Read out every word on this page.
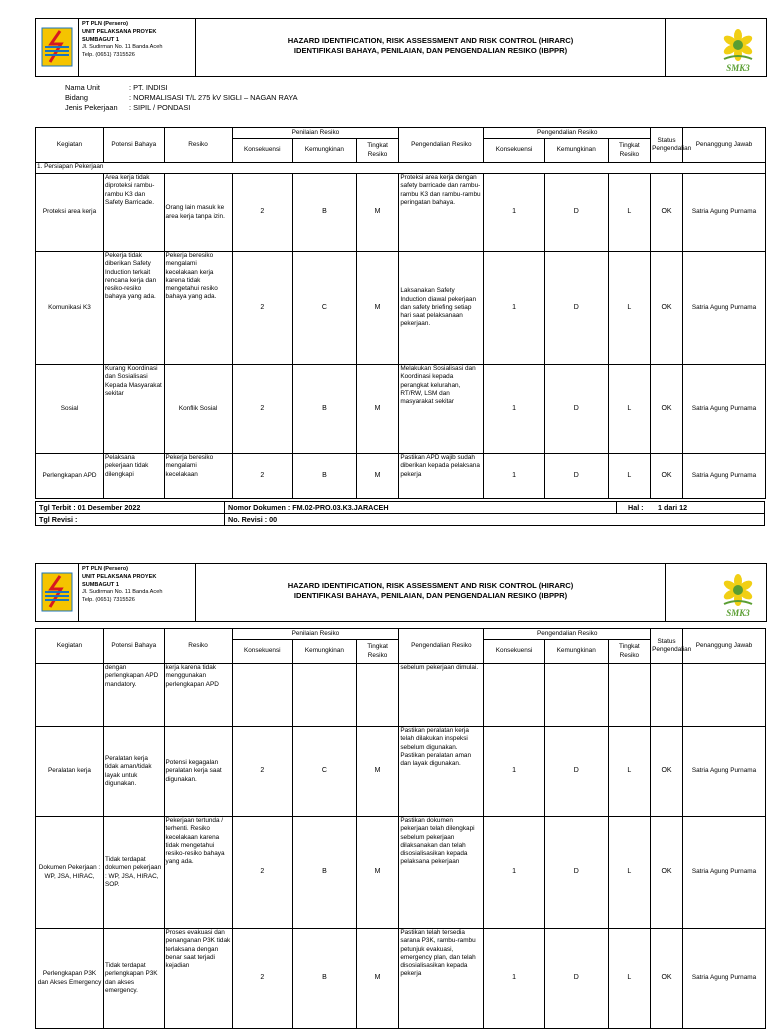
PT PLN (Persero)
UNIT PELAKSANA PROYEK
SUMBAGUT 1
Jl. Sudirman No. 11 Banda Aceh
Telp. (0651) 7315526
HAZARD IDENTIFICATION, RISK ASSESSMENT AND RISK CONTROL (HIRARC)
IDENTIFIKASI BAHAYA, PENILAIAN, DAN PENGENDALIAN RESIKO (IBPPR)
SMK3
Nama Unit	: PT. INDISI
Bidang	: NORMALISASI T/L 275 kV SIGLI – NAGAN RAYA
Jenis Pekerjaan	: SIPIL / PONDASI
Kegiatan	Potensi Bahaya	Resiko	Penilaian Resiko			Pengendalian Resiko	Pengendalian Resiko			Status Pengendalian	Penanggung Jawab
			Konsekuensi	Kemungkinan	Tingkat Resiko		Konsekuensi	Kemungkinan	Tingkat Resiko		
1. Persiapan Pekerjaan											
Proteksi area kerja	Area kerja tidak diproteksi rambu-rambu K3 dan Safety Barricade.	Orang lain masuk ke area kerja tanpa izin.	2	B	M	Proteksi area kerja dengan safety barricade dan rambu-rambu K3 dan rambu-rambu peringatan bahaya.	1	D	L	OK	Satria Agung Purnama
Komunikasi K3	Pekerja tidak diberikan Safety Induction terkait rencana kerja dan resiko-resiko bahaya yang ada.	Pekerja beresiko mengalami kecelakaan kerja karena tidak mengetahui resiko bahaya yang ada.	2	C	M	Laksanakan Safety Induction diawal pekerjaan dan safety briefing setiap hari saat pelaksanaan pekerjaan.	1	D	L	OK	Satria Agung Purnama
Sosial	Kurang Koordinasi dan Sosialisasi Kepada Masyarakat sekitar	Konflik Sosial	2	B	M	Melakukan Sosialisasi dan Koordinasi kepada perangkat kelurahan, RT/RW, LSM dan masyarakat sekitar	1	D	L	OK	Satria Agung Purnama
Perlengkapan APD	Pelaksana pekerjaan tidak dilengkapi	Pekerja beresiko mengalami kecelakaan	2	B	M	Pastikan APD wajib sudah diberikan kepada pelaksana pekerja	1	D	L	OK	Satria Agung Purnama
Tgl Terbit : 01 Desember 2022	Nomor Dokumen : FM.02-PRO.03.K3.JARACEH	Hal : 1 dari 12
Tgl Revisi :	No. Revisi : 00
PT PLN (Persero)
UNIT PELAKSANA PROYEK
SUMBAGUT 1
Jl. Sudirman No. 11 Banda Aceh
Telp. (0651) 7315526
HAZARD IDENTIFICATION, RISK ASSESSMENT AND RISK CONTROL (HIRARC)
IDENTIFIKASI BAHAYA, PENILAIAN, DAN PENGENDALIAN RESIKO (IBPPR)
SMK3
Kegiatan	Potensi Bahaya	Resiko	Penilaian Resiko			Pengendalian Resiko	Pengendalian Resiko			Status Pengendalian	Penanggung Jawab
			Konsekuensi	Kemungkinan	Tingkat Resiko		Konsekuensi	Kemungkinan	Tingkat Resiko		
	dengan perlengkapan APD mandatory.	kerja karena tidak menggunakan perlengkapan APD				sebelum pekerjaan dimulai.					
Peralatan kerja	Peralatan kerja tidak aman/tidak layak untuk digunakan.	Potensi kegagalan peralatan kerja saat digunakan.	2	C	M	Pastikan peralatan kerja telah dilakukan inspeksi sebelum digunakan. Pastikan peralatan aman dan layak digunakan.	1	D	L	OK	Satria Agung Purnama
Dokumen Pekerjaan : WP, JSA, HIRAC,	Tidak terdapat dokumen pekerjaan : WP, JSA, HIRAC, SOP.	Pekerjaan tertunda / terhenti. Resiko kecelakaan karena tidak mengetahui resiko-resiko bahaya yang ada.	2	B	M	Pastikan dokumen pekerjaan telah dilengkapi sebelum pekerjaan dilaksanakan dan telah disosialisasikan kepada pelaksana pekerjaan	1	D	L	OK	Satria Agung Purnama
Perlengkapan P3K dan Akses Emergency	Tidak terdapat perlengkapan P3K dan akses emergency.	Proses evakuasi dan penanganan P3K tidak terlaksana dengan benar saat terjadi kejadian	2	B	M	Pastikan telah tersedia sarana P3K, rambu-rambu petunjuk evakuasi, emergency plan, dan telah disosialisasikan kepada pekerja	1	D	L	OK	Satria Agung Purnama
